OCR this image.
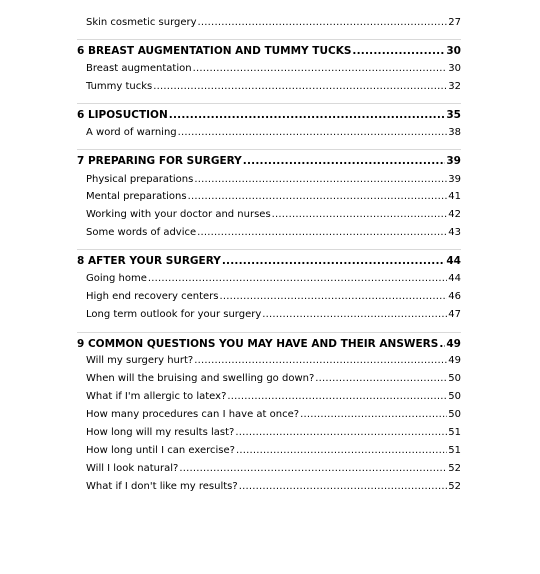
Skin cosmetic surgery .....	27
6 BREAST AUGMENTATION AND TUMMY TUCKS .....	30
Breast augmentation .....	30
Tummy tucks .....	32
6 LIPOSUCTION .....	35
A word of warning .....	38
7 PREPARING FOR SURGERY .....	39
Physical preparations .....	39
Mental preparations .....	41
Working with your doctor and nurses .....	42
Some words of advice .....	43
8 AFTER YOUR SURGERY .....	44
Going home .....	44
High end recovery centers .....	46
Long term outlook for your surgery .....	47
9 COMMON QUESTIONS YOU MAY HAVE AND THEIR ANSWERS ..... 49
Will my surgery hurt? .....	49
When will the bruising and swelling go down? .....	50
What if I'm allergic to latex? .....	50
How many procedures can I have at once? .....	50
How long will my results last? .....	51
How long until I can exercise? .....	51
Will I look natural? .....	52
What if I don't like my results? .....	52
